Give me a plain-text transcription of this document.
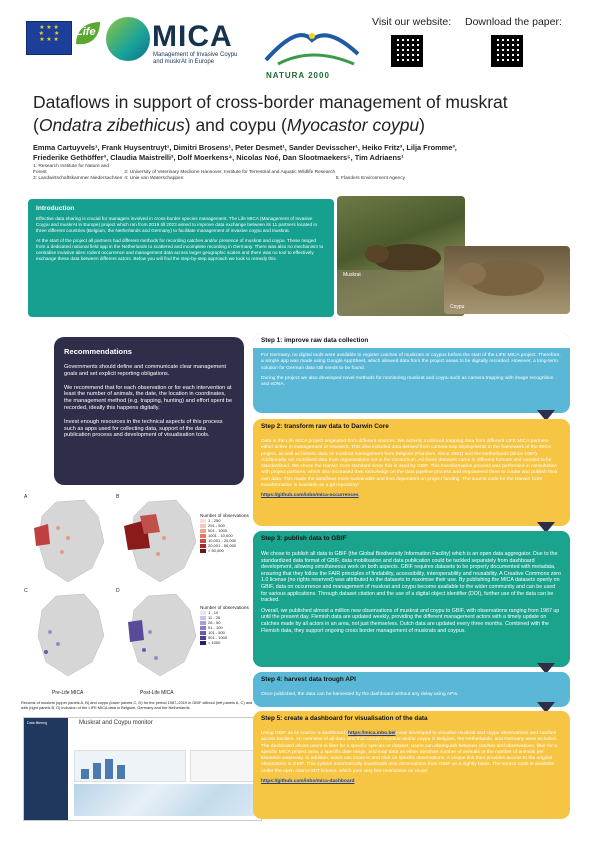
★ ★ ★
★      ★
★ ★ ★
Life MICA
Management of Invasive Coypu
and muskrAt in Europe
NATURA 2000
Visit our website: Download the paper:
Dataflows in support of cross-border management of muskrat
(Ondatra zibethicus) and coypu (Myocastor coypu)
Emma Cartuyvels¹, Frank Huysentruyt¹, Dimitri Brosens¹, Peter Desmet¹, Sander Devisscher¹, Heiko Fritz³, Lilja Fromme³,
Friederike Gethöffer³, Claudia Maistrelli³, Dolf Moerkens⁴, Nicolas Noé, Dan Slootmaekers⁵, Tim Adriaens¹
1: Research Institute for Nature and Forest	2: University of Veterinary Medicine Hannover, Institute for Terrestrial and Aquatic Wildlife Research
3: Landwirtschaftskammer Niedersachsen 4: Unie van Waterschappen	5: Flanders Environment Agency
Introduction

Effective data sharing is crucial for managers involved in cross-border species management. The Life MICA (Management of Invasive Coypu and muskrAt in Europe) project which ran from 2019 till 2023 aimed to improve data exchange between its 11 partners located in three different countries (Belgium, the Netherlands and Germany) to facilitate management of invasive coypu and muskrat.

At the start of the project all partners had different methods for recording catches and/or presence of muskrat and coypu. These ranged from a dedicated national field app in the Netherlands to scattered and incomplete recording in Germany. There was also no mechanism to centralise invasive alien rodent occurrence and management data across larger geographic scales and there was no tool to effectively exchange these data between different actors. Below you will find the step-by-step approach we took to remedy this.

Muskrat
Coypu
Recommendations

Governments should define and communicate clear management goals and set explicit reporting obligations.

We recommend that for each observation or for each intervention at least the number of animals, the date, the location in coordinates, the management method (e.g. trapping, hunting) and effort spent be recorded, ideally this happens digitally.

Invest enough resources in the technical aspects of this process such as apps used for collecting data, support of the data publication process and development of visualisation tools.

A	B
C	D
Pre-Life MICA	Post-Life MICA
Number of observations
1 - 250
251 - 500
501 - 1000
1001 - 10,000
10,001 - 20,000
20,001 - 50,000
> 50,000
Number of observations
1 - 10
11 - 25
26 - 50
51 - 100
101 - 500
501 - 1000
> 1000
Records of muskrat (upper panels A, B) and coypu (lower panels C, D) for the period 1987–2019 in GBIF without (left panels A, C) and with (right panels B, D) inclusion of the LIFE MICA data in Belgium, Germany and the Netherlands.
Data filtering	Muskrat and Coypu monitor
Step 1: improve raw data collection

For Germany, no digital tools were available to register catches of muskrats or coypus before the start of the LIFE MICA project. Therefore, a simple app was made using Google AppSheet, which allowed data from the project areas to be digitally recorded. However, a long-term solution for German data still needs to be found.

During the project we also developed novel methods for monitoring muskrat and coypu such as camera trapping with image recognition and eDNA.

Step 2: transform raw data to Darwin Core

Data in the Life MICA project originated from different sources. We actively mobilised trapping data from different LIFE MICA partners either active in management or research. This also included data derived from camera-trap deployments in the framework of the MICA project, as well as historic data on muskrat management from Belgium (Flanders, since 1991) and the Netherlands (since 1987). Additionally, we mobilised data from organisations not in the consortium. All these datasets came in different formats and needed to be standardised. We chose the Darwin Core standard since this is used by GBIF. This transformation process was performed in consultation with project partners, which also increased their knowledge on the data pipeline process and empowered them to curate and publish their own data. This made the dataflows more sustainable and less dependent on project funding. The source code for the Darwin Core transformation is available as a git repository:

https://github.com/inbo/mica-occurrences

Step 3: publish data to GBIF

We chose to publish all data to GBIF (the Global Biodiversity Information Facility) which is an open data aggregator. Due to the standardized data format of GBIF, data mobilisation and data publication could be tackled separately from dashboard development, allowing simultaneous work on both aspects. GBIF requires datasets to be properly documented with metadata, ensuring that they follow the FAIR principles of findability, accessibility, interoperability and reusability. A Creative Commons zero 1.0 license (no rights reserved) was attributed to the datasets to maximise their use. By publishing the MICA datasets openly on GBIF, data on occurrence and management of muskrat and coypu become available to the wider community and can be used for various applications. Through dataset citation and the use of a digital object identifier (DOI), further use of the data can be tracked.

Overall, we published almost a million new observations of muskrat and coypu to GBIF, with observations ranging from 1987 up until the present day. Flemish data are updated weekly, providing the different management actors with a timely update on catches made by all actors in an area, not just themselves. Dutch data are updated every three months. Combined with the Flemish data, they support ongoing cross border management of muskrats and coypus.

Step 4: harvest data trough API

Once published, the data can be harvested by the dashboard without any delay using APIs.

Step 5: create a dashboard for visualisation of the data

Using GBIF as its source, a dashboard (https://mica.inbo.be/) was developed to visualise muskrat and coypu observations and catches across borders. An overview of all data sets that contain muskrat and/or coypu in Belgium, the Netherlands, and Germany were included. The dashboard allows users to filter for a specific species or dataset. Users can distinguish between catches and observations, filter for a specific MICA project area, a specific date range, and map data as either absolute number of animals or the number of animals per kilometre waterway. In addition, users can zoom in and click on specific observations. A unique link then provides access to the original observation in GBIF. This system automatically downloads new observations from GBIF on a nightly basis. The source code is available under the open source MIT licence, which puts very few restrictions on reuse:

https://github.com/inbo/mica-dashboard
